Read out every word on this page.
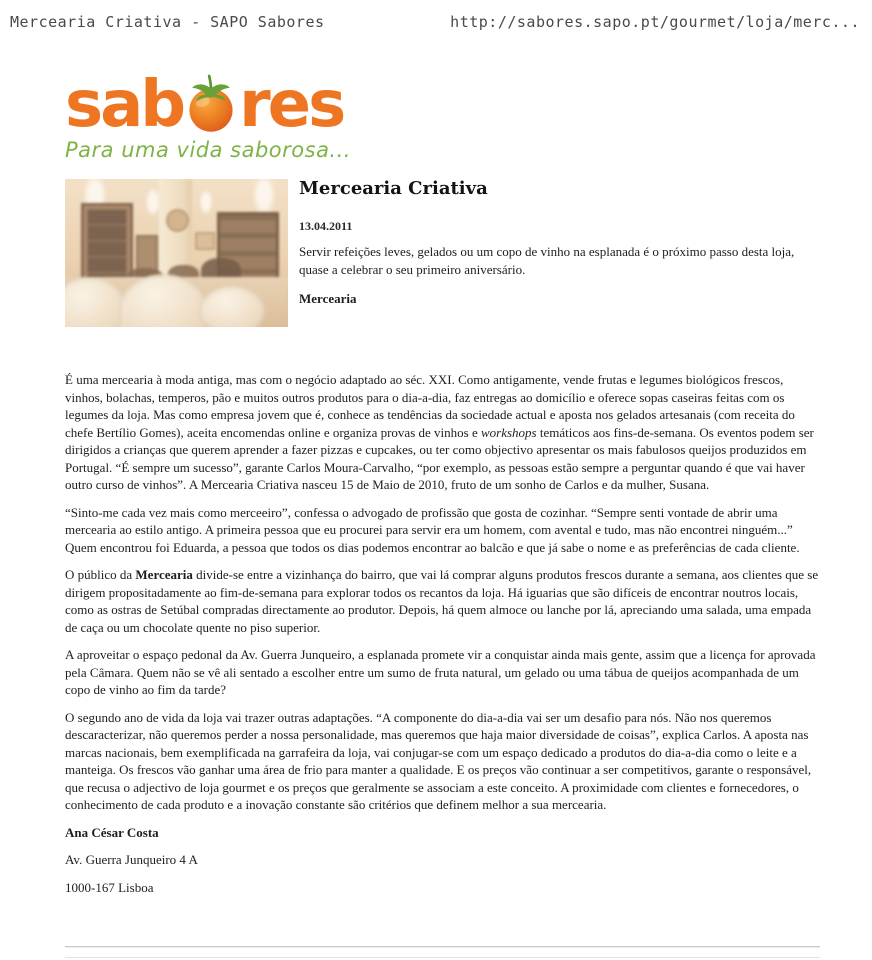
Mercearia Criativa - SAPO Sabores	http://sabores.sapo.pt/gourmet/loja/merc...
sab res
Para uma vida saborosa...
Mercearia Criativa
13.04.2011
Servir refeições leves, gelados ou um copo de vinho na esplanada é o próximo passo desta loja, quase a celebrar o seu primeiro aniversário.
Mercearia

É uma mercearia à moda antiga, mas com o negócio adaptado ao séc. XXI. Como antigamente, vende frutas e legumes biológicos frescos, vinhos, bolachas, temperos, pão e muitos outros produtos para o dia-a-dia, faz entregas ao domicílio e oferece sopas caseiras feitas com os legumes da loja. Mas como empresa jovem que é, conhece as tendências da sociedade actual e aposta nos gelados artesanais (com receita do chefe Bertílio Gomes), aceita encomendas online e organiza provas de vinhos e workshops temáticos aos fins-de-semana. Os eventos podem ser dirigidos a crianças que querem aprender a fazer pizzas e cupcakes, ou ter como objectivo apresentar os mais fabulosos queijos produzidos em Portugal. “É sempre um sucesso”, garante Carlos Moura-Carvalho, “por exemplo, as pessoas estão sempre a perguntar quando é que vai haver outro curso de vinhos”. A Mercearia Criativa nasceu 15 de Maio de 2010, fruto de um sonho de Carlos e da mulher, Susana.

“Sinto-me cada vez mais como merceeiro”, confessa o advogado de profissão que gosta de cozinhar. “Sempre senti vontade de abrir uma mercearia ao estilo antigo. A primeira pessoa que eu procurei para servir era um homem, com avental e tudo, mas não encontrei ninguém...” Quem encontrou foi Eduarda, a pessoa que todos os dias podemos encontrar ao balcão e que já sabe o nome e as preferências de cada cliente.

O público da Mercearia divide-se entre a vizinhança do bairro, que vai lá comprar alguns produtos frescos durante a semana, aos clientes que se dirigem propositadamente ao fim-de-semana para explorar todos os recantos da loja. Há iguarias que são difíceis de encontrar noutros locais, como as ostras de Setúbal compradas directamente ao produtor. Depois, há quem almoce ou lanche por lá, apreciando uma salada, uma empada de caça ou um chocolate quente no piso superior.

A aproveitar o espaço pedonal da Av. Guerra Junqueiro, a esplanada promete vir a conquistar ainda mais gente, assim que a licença for aprovada pela Câmara. Quem não se vê ali sentado a escolher entre um sumo de fruta natural, um gelado ou uma tábua de queijos acompanhada de um copo de vinho ao fim da tarde?

O segundo ano de vida da loja vai trazer outras adaptações. “A componente do dia-a-dia vai ser um desafio para nós. Não nos queremos descaracterizar, não queremos perder a nossa personalidade, mas queremos que haja maior diversidade de coisas”, explica Carlos. A aposta nas marcas nacionais, bem exemplificada na garrafeira da loja, vai conjugar-se com um espaço dedicado a produtos do dia-a-dia como o leite e a manteiga. Os frescos vão ganhar uma área de frio para manter a qualidade. E os preços vão continuar a ser competitivos, garante o responsável, que recusa o adjectivo de loja gourmet e os preços que geralmente se associam a este conceito. A proximidade com clientes e fornecedores, o conhecimento de cada produto e a inovação constante são critérios que definem melhor a sua mercearia.

Ana César Costa

Av. Guerra Junqueiro 4 A

1000-167 Lisboa
